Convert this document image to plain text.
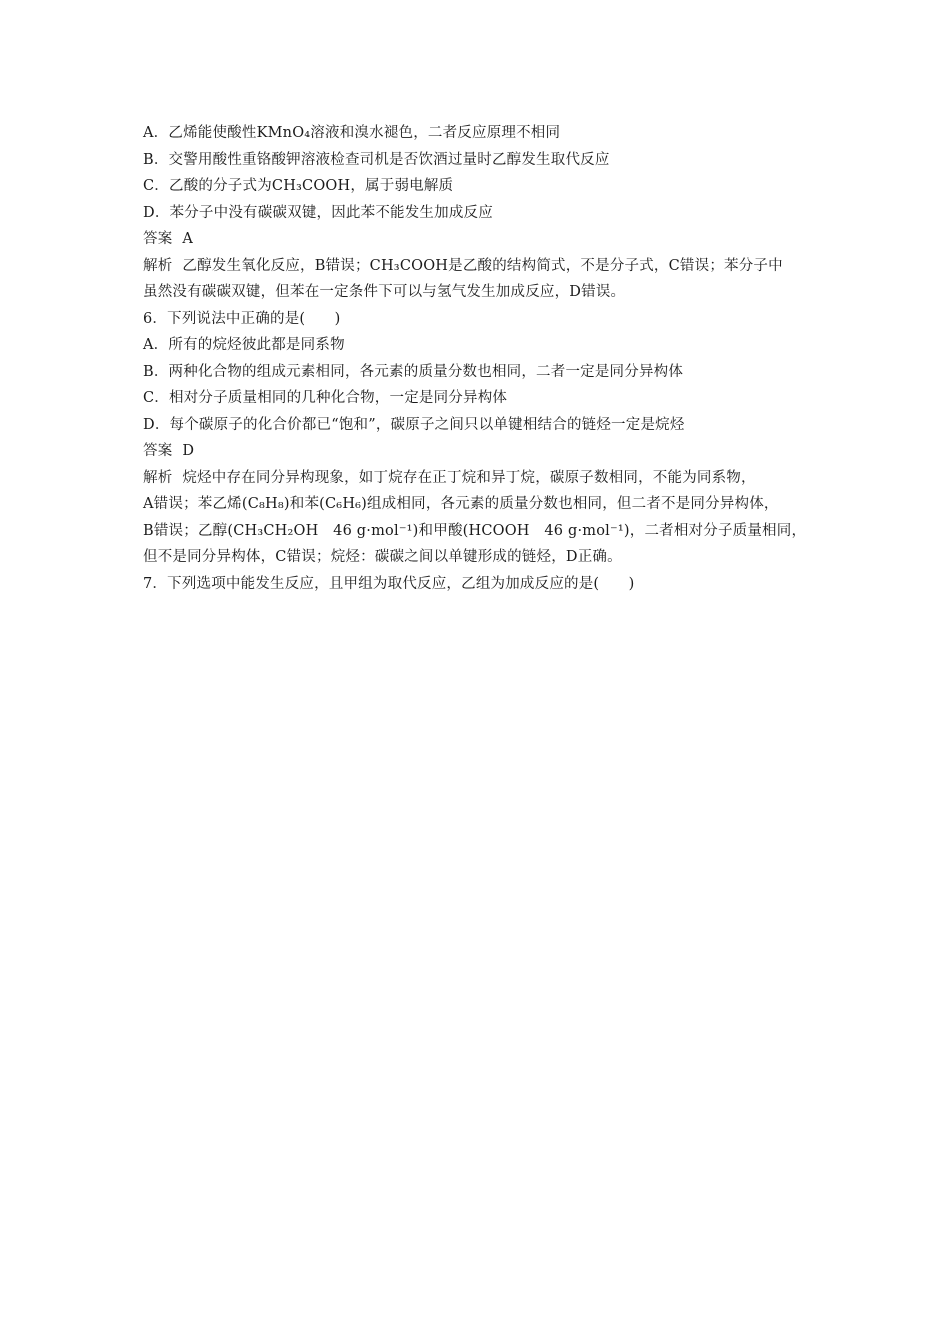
A．乙烯能使酸性KMnO₄溶液和溴水褪色，二者反应原理不相同
B．交警用酸性重铬酸钾溶液检查司机是否饮酒过量时乙醇发生取代反应
C．乙酸的分子式为CH₃COOH，属于弱电解质
D．苯分子中没有碳碳双键，因此苯不能发生加成反应
答案 A
解析 乙醇发生氧化反应，B错误；CH₃COOH是乙酸的结构简式，不是分子式，C错误；苯分子中
虽然没有碳碳双键，但苯在一定条件下可以与氢气发生加成反应，D错误。
6．下列说法中正确的是(　　)
A．所有的烷烃彼此都是同系物
B．两种化合物的组成元素相同，各元素的质量分数也相同，二者一定是同分异构体
C．相对分子质量相同的几种化合物，一定是同分异构体
D．每个碳原子的化合价都已“饱和”，碳原子之间只以单键相结合的链烃一定是烷烃
答案 D
解析 烷烃中存在同分异构现象，如丁烷存在正丁烷和异丁烷，碳原子数相同，不能为同系物，
A错误；苯乙烯(C₈H₈)和苯(C₆H₆)组成相同，各元素的质量分数也相同，但二者不是同分异构体，
B错误；乙醇(CH₃CH₂OH　46 g·mol⁻¹)和甲酸(HCOOH　46 g·mol⁻¹)，二者相对分子质量相同，
但不是同分异构体，C错误；烷烃：碳碳之间以单键形成的链烃，D正确。
7．下列选项中能发生反应，且甲组为取代反应，乙组为加成反应的是(　　)
